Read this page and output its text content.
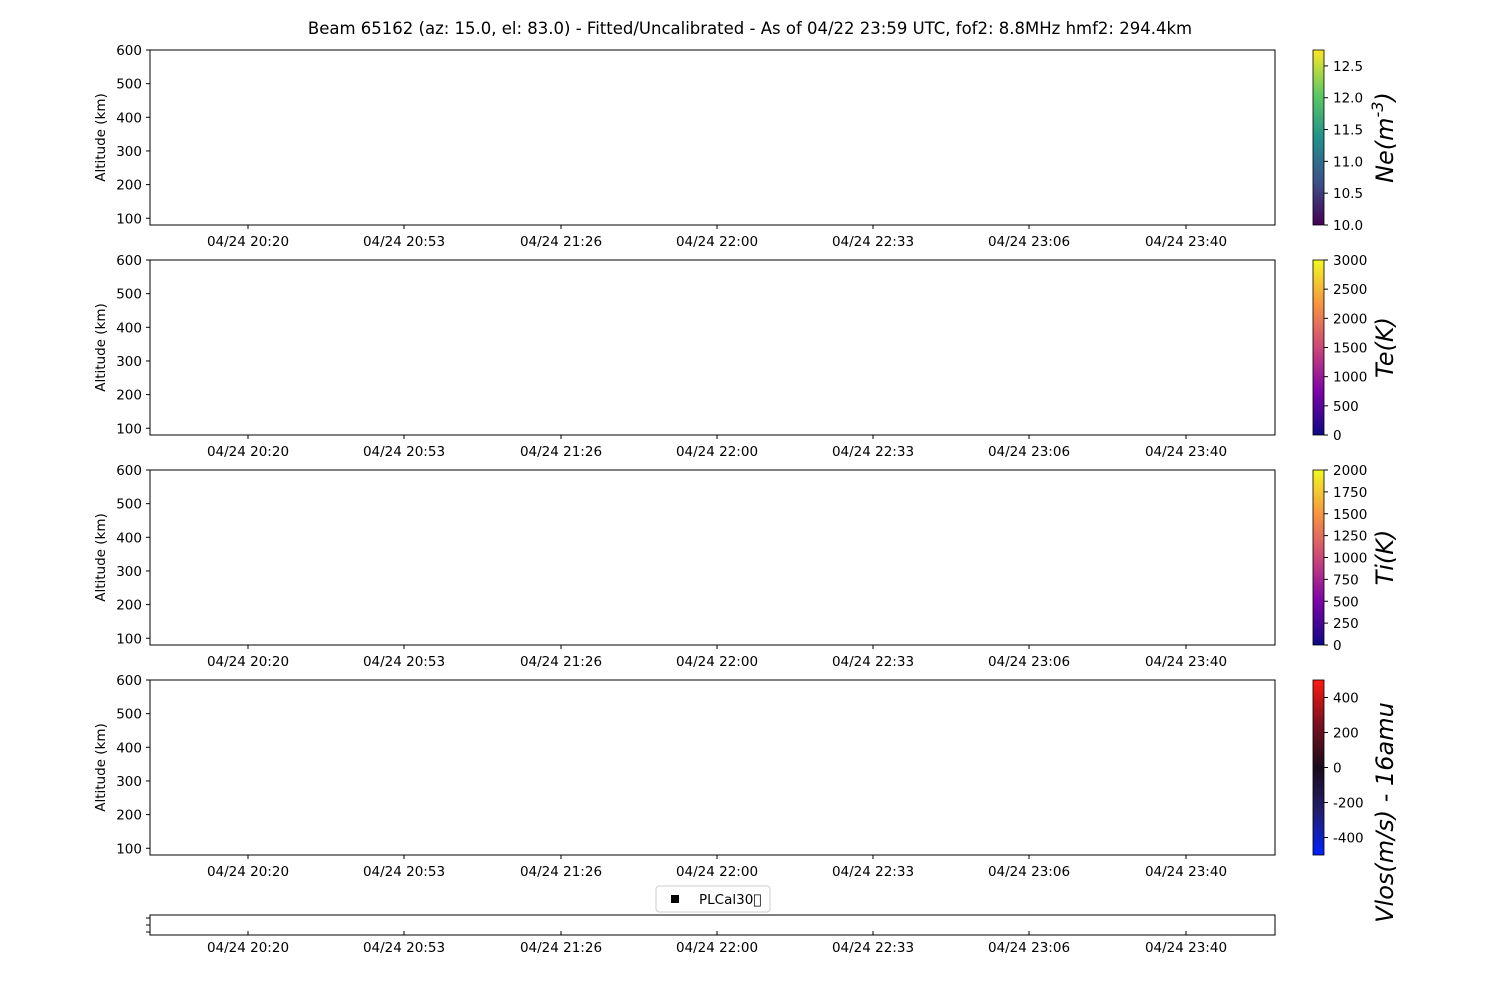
Beam 65162 (az: 15.0, el: 83.0) - Fitted/Uncalibrated - As of 04/22 23:59 UTC, fof2: 8.8MHz hmf2: 294.4km
100
200
300
400
500
600
Altitude (km)
04/24 20:20	04/24 20:53	04/24 21:26	04/24 22:00	04/24 22:33	04/24 23:06	04/24 23:40
10.0
10.5
11.0
11.5
12.0
12.5
$Ne(m^{-3})$
100
200
300
400
500
600
Altitude (km)
04/24 20:20	04/24 20:53	04/24 21:26	04/24 22:00	04/24 22:33	04/24 23:06	04/24 23:40
0
500
1000
1500
2000
2500
3000
Te(K)
100
200
300
400
500
600
Altitude (km)
04/24 20:20	04/24 20:53	04/24 21:26	04/24 22:00	04/24 22:33	04/24 23:06	04/24 23:40
0
250
500
750
1000
1250
1500
1750
2000
Ti(K)
100
200
300
400
500
600
Altitude (km)
04/24 20:20	04/24 20:53	04/24 21:26	04/24 22:00	04/24 22:33	04/24 23:06	04/24 23:40
-400
-200
0
200
400
Vlos(m/s) - 16amu
04/24 20:20	04/24 20:53	04/24 21:26	04/24 22:00	04/24 22:33	04/24 23:06	04/24 23:40
PLCal30⃞
